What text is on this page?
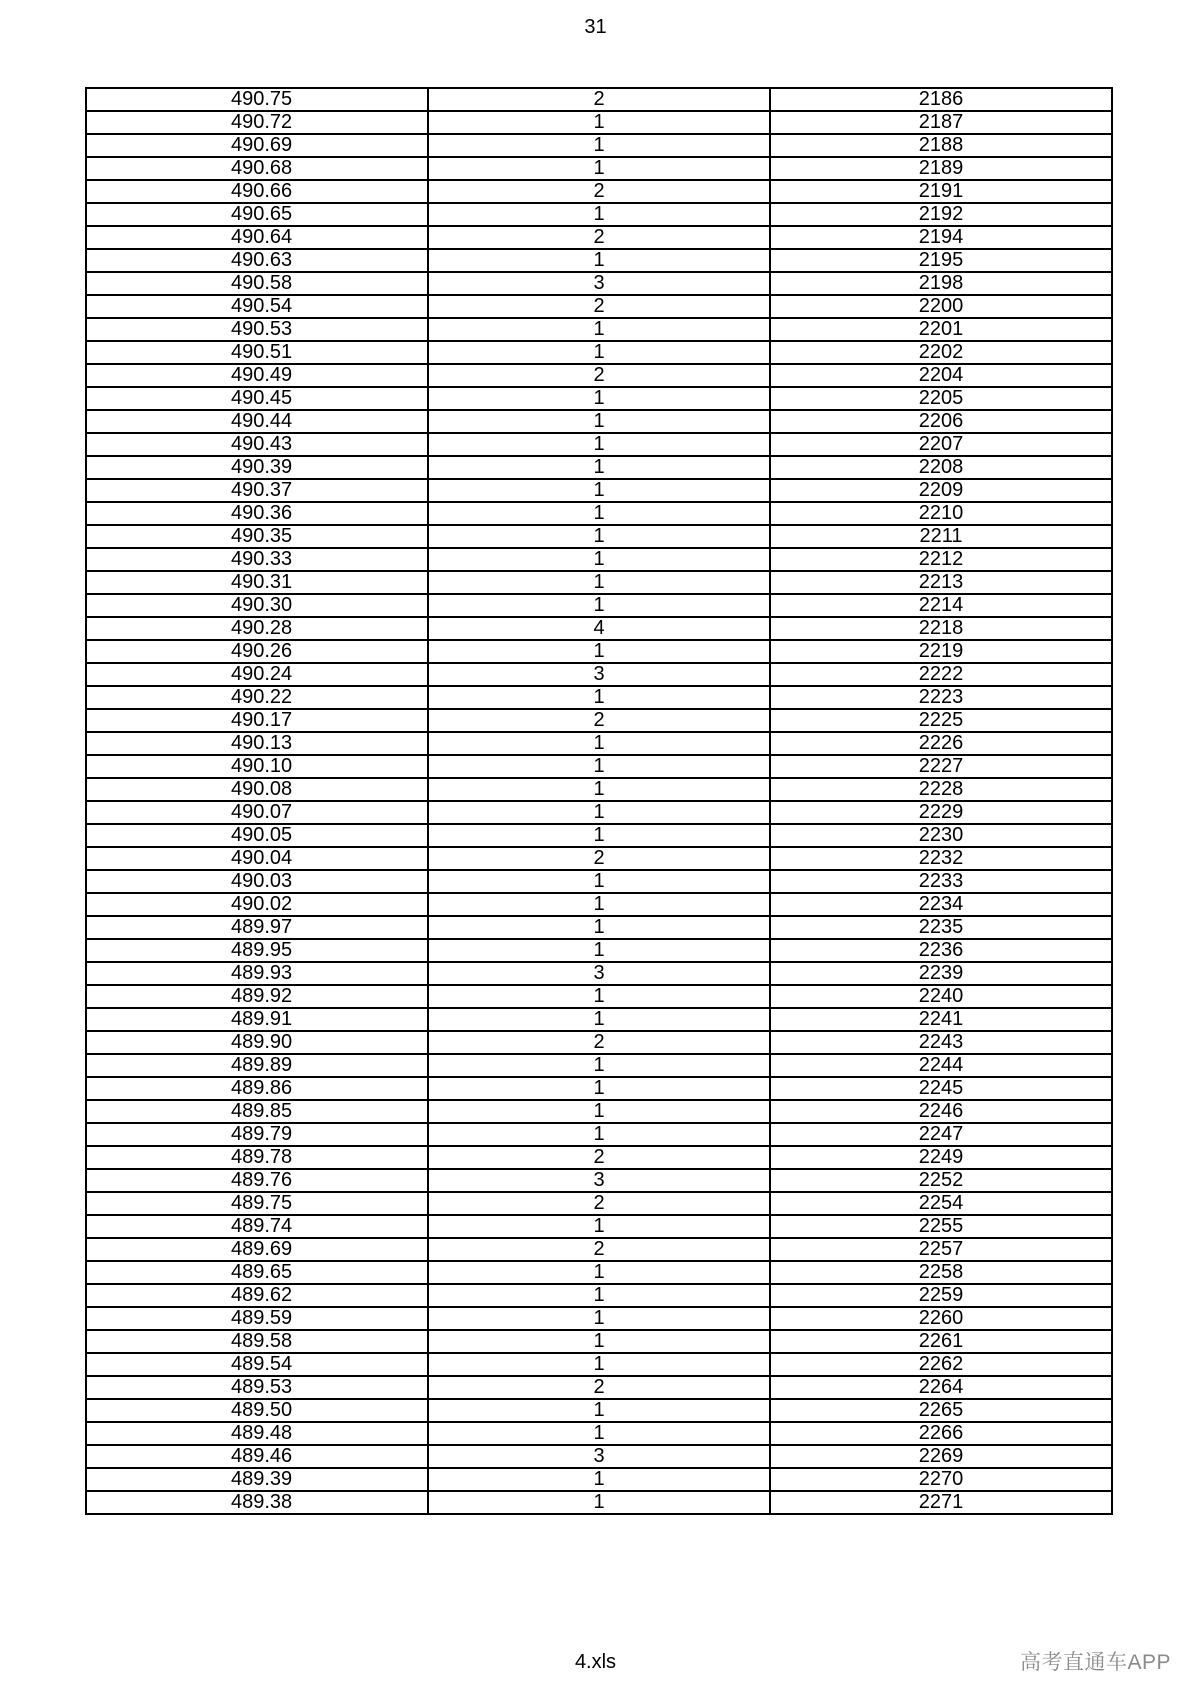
31
490.75	2	2186
490.72	1	2187
490.69	1	2188
490.68	1	2189
490.66	2	2191
490.65	1	2192
490.64	2	2194
490.63	1	2195
490.58	3	2198
490.54	2	2200
490.53	1	2201
490.51	1	2202
490.49	2	2204
490.45	1	2205
490.44	1	2206
490.43	1	2207
490.39	1	2208
490.37	1	2209
490.36	1	2210
490.35	1	2211
490.33	1	2212
490.31	1	2213
490.30	1	2214
490.28	4	2218
490.26	1	2219
490.24	3	2222
490.22	1	2223
490.17	2	2225
490.13	1	2226
490.10	1	2227
490.08	1	2228
490.07	1	2229
490.05	1	2230
490.04	2	2232
490.03	1	2233
490.02	1	2234
489.97	1	2235
489.95	1	2236
489.93	3	2239
489.92	1	2240
489.91	1	2241
489.90	2	2243
489.89	1	2244
489.86	1	2245
489.85	1	2246
489.79	1	2247
489.78	2	2249
489.76	3	2252
489.75	2	2254
489.74	1	2255
489.69	2	2257
489.65	1	2258
489.62	1	2259
489.59	1	2260
489.58	1	2261
489.54	1	2262
489.53	2	2264
489.50	1	2265
489.48	1	2266
489.46	3	2269
489.39	1	2270
489.38	1	2271
4.xls	高考直通车APP
